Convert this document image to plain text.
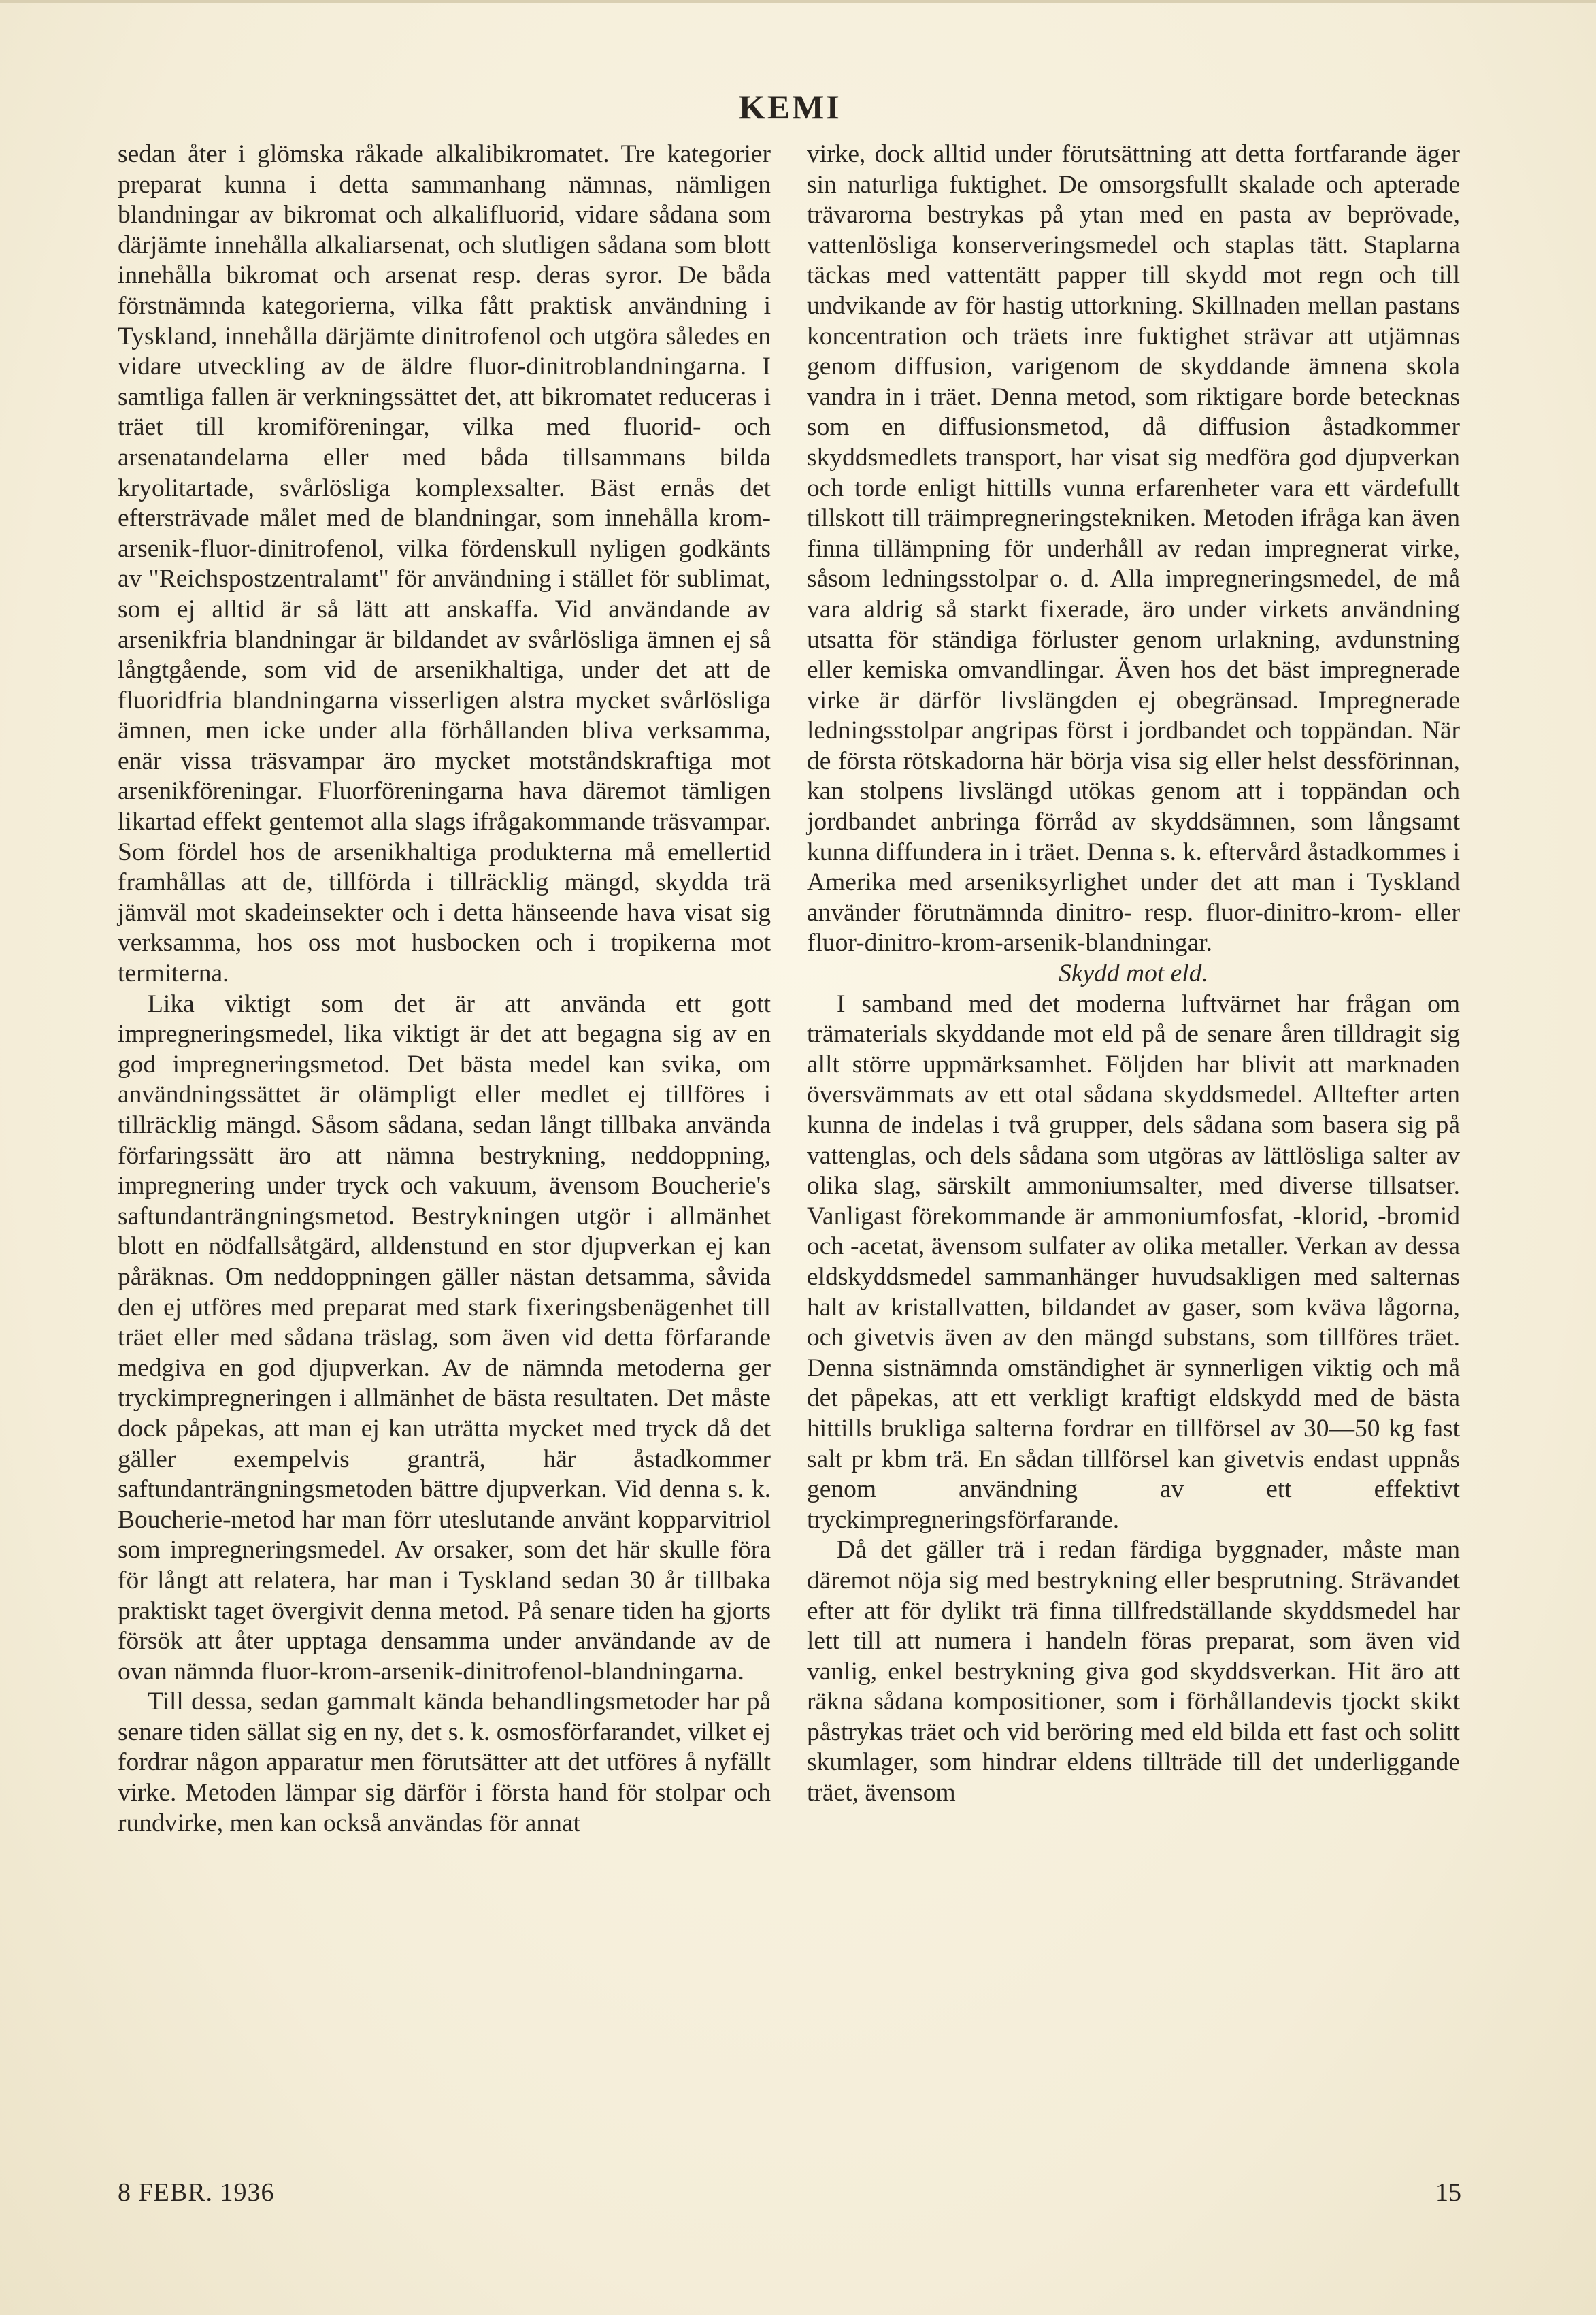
KEMI

sedan åter i glömska råkade alkalibikromatet. Tre kategorier preparat kunna i detta sammanhang nämnas, nämligen blandningar av bikromat och alkalifluorid, vidare sådana som därjämte innehålla alkaliarsenat, och slutligen sådana som blott innehålla bikromat och arsenat resp. deras syror. De båda förstnämnda kategorierna, vilka fått praktisk användning i Tyskland, innehålla därjämte dinitrofenol och utgöra således en vidare utveckling av de äldre fluor-dinitroblandningarna. I samtliga fallen är verkningssättet det, att bikromatet reduceras i träet till kromiföreningar, vilka med fluorid- och arsenatandelarna eller med båda tillsammans bilda kryolitartade, svårlösliga komplexsalter. Bäst ernås det eftersträvade målet med de blandningar, som innehålla krom-arsenik-fluor-dinitrofenol, vilka fördenskull nyligen godkänts av "Reichspostzentralamt" för användning i stället för sublimat, som ej alltid är så lätt att anskaffa. Vid användande av arsenikfria blandningar är bildandet av svårlösliga ämnen ej så långtgående, som vid de arsenikhaltiga, under det att de fluoridfria blandningarna visserligen alstra mycket svårlösliga ämnen, men icke under alla förhållanden bliva verksamma, enär vissa träsvampar äro mycket motståndskraftiga mot arsenikföreningar. Fluorföreningarna hava däremot tämligen likartad effekt gentemot alla slags ifrågakommande träsvampar. Som fördel hos de arsenikhaltiga produkterna må emellertid framhållas att de, tillförda i tillräcklig mängd, skydda trä jämväl mot skadeinsekter och i detta hänseende hava visat sig verksamma, hos oss mot husbocken och i tropikerna mot termiterna.

Lika viktigt som det är att använda ett gott impregneringsmedel, lika viktigt är det att begagna sig av en god impregneringsmetod. Det bästa medel kan svika, om användningssättet är olämpligt eller medlet ej tillföres i tillräcklig mängd. Såsom sådana, sedan långt tillbaka använda förfaringssätt äro att nämna bestrykning, neddoppning, impregnering under tryck och vakuum, ävensom Boucherie's saftundanträngningsmetod. Bestrykningen utgör i allmänhet blott en nödfallsåtgärd, alldenstund en stor djupverkan ej kan påräknas. Om neddoppningen gäller nästan detsamma, såvida den ej utföres med preparat med stark fixeringsbenägenhet till träet eller med sådana träslag, som även vid detta förfarande medgiva en god djupverkan. Av de nämnda metoderna ger tryckimpregneringen i allmänhet de bästa resultaten. Det måste dock påpekas, att man ej kan uträtta mycket med tryck då det gäller exempelvis granträ, här åstadkommer saftundanträngningsmetoden bättre djupverkan. Vid denna s. k. Boucherie-metod har man förr uteslutande använt kopparvitriol som impregneringsmedel. Av orsaker, som det här skulle föra för långt att relatera, har man i Tyskland sedan 30 år tillbaka praktiskt taget övergivit denna metod. På senare tiden ha gjorts försök att åter upptaga densamma under användande av de ovan nämnda fluor-krom-arsenik-dinitrofenol-blandningarna.

Till dessa, sedan gammalt kända behandlingsmetoder har på senare tiden sällat sig en ny, det s. k. osmosförfarandet, vilket ej fordrar någon apparatur men förutsätter att det utföres å nyfällt virke. Metoden lämpar sig därför i första hand för stolpar och rundvirke, men kan också användas för annat

virke, dock alltid under förutsättning att detta fortfarande äger sin naturliga fuktighet. De omsorgsfullt skalade och apterade trävarorna bestrykas på ytan med en pasta av beprövade, vattenlösliga konserveringsmedel och staplas tätt. Staplarna täckas med vattentätt papper till skydd mot regn och till undvikande av för hastig uttorkning. Skillnaden mellan pastans koncentration och träets inre fuktighet strävar att utjämnas genom diffusion, varigenom de skyddande ämnena skola vandra in i träet. Denna metod, som riktigare borde betecknas som en diffusionsmetod, då diffusion åstadkommer skyddsmedlets transport, har visat sig medföra god djupverkan och torde enligt hittills vunna erfarenheter vara ett värdefullt tillskott till träimpregneringstekniken. Metoden ifråga kan även finna tillämpning för underhåll av redan impregnerat virke, såsom ledningsstolpar o. d. Alla impregneringsmedel, de må vara aldrig så starkt fixerade, äro under virkets användning utsatta för ständiga förluster genom urlakning, avdunstning eller kemiska omvandlingar. Även hos det bäst impregnerade virke är därför livslängden ej obegränsad. Impregnerade ledningsstolpar angripas först i jordbandet och toppändan. När de första rötskadorna här börja visa sig eller helst dessförinnan, kan stolpens livslängd utökas genom att i toppändan och jordbandet anbringa förråd av skyddsämnen, som långsamt kunna diffundera in i träet. Denna s. k. eftervård åstadkommes i Amerika med arseniksyrlighet under det att man i Tyskland använder förutnämnda dinitro- resp. fluor-dinitro-krom- eller fluor-dinitro-krom-arsenik-blandningar.

Skydd mot eld.

I samband med det moderna luftvärnet har frågan om trämaterials skyddande mot eld på de senare åren tilldragit sig allt större uppmärksamhet. Följden har blivit att marknaden översvämmats av ett otal sådana skyddsmedel. Alltefter arten kunna de indelas i två grupper, dels sådana som basera sig på vattenglas, och dels sådana som utgöras av lättlösliga salter av olika slag, särskilt ammoniumsalter, med diverse tillsatser. Vanligast förekommande är ammoniumfosfat, -klorid, -bromid och -acetat, ävensom sulfater av olika metaller. Verkan av dessa eldskyddsmedel sammanhänger huvudsakligen med salternas halt av kristallvatten, bildandet av gaser, som kväva lågorna, och givetvis även av den mängd substans, som tillföres träet. Denna sistnämnda omständighet är synnerligen viktig och må det påpekas, att ett verkligt kraftigt eldskydd med de bästa hittills brukliga salterna fordrar en tillförsel av 30—50 kg fast salt pr kbm trä. En sådan tillförsel kan givetvis endast uppnås genom användning av ett effektivt tryckimpregneringsförfarande.

Då det gäller trä i redan färdiga byggnader, måste man däremot nöja sig med bestrykning eller besprutning. Strävandet efter att för dylikt trä finna tillfredställande skyddsmedel har lett till att numera i handeln föras preparat, som även vid vanlig, enkel bestrykning giva god skyddsverkan. Hit äro att räkna sådana kompositioner, som i förhållandevis tjockt skikt påstrykas träet och vid beröring med eld bilda ett fast och solitt skumlager, som hindrar eldens tillträde till det underliggande träet, ävensom

8 FEBR. 1936	15
